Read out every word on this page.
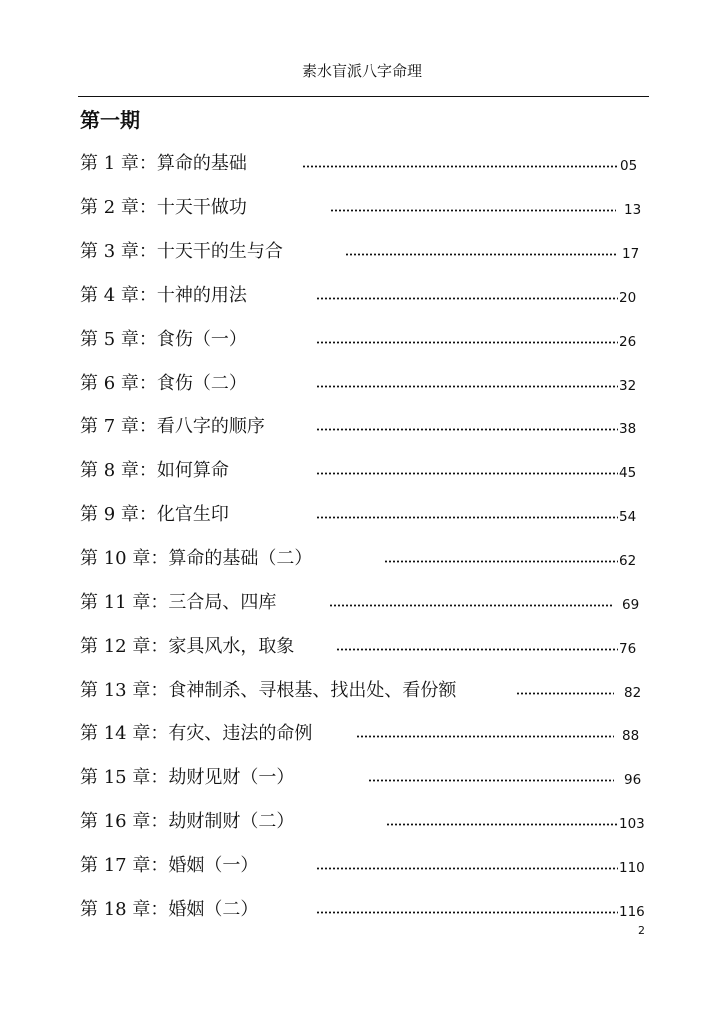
素水盲派八字命理
第一期
第 1 章：算命的基础	05
第 2 章：十天干做功	13
第 3 章：十天干的生与合	17
第 4 章：十神的用法	20
第 5 章：食伤（一）	26
第 6 章：食伤（二）	32
第 7 章：看八字的顺序	38
第 8 章：如何算命	45
第 9 章：化官生印	54
第 10 章：算命的基础（二）	62
第 11 章：三合局、四库	69
第 12 章：家具风水，取象	76
第 13 章：食神制杀、寻根基、找出处、看份额	82
第 14 章：有灾、违法的命例	88
第 15 章：劫财见财（一）	96
第 16 章：劫财制财（二）	103
第 17 章：婚姻（一）	110
第 18 章：婚姻（二）	116
2
